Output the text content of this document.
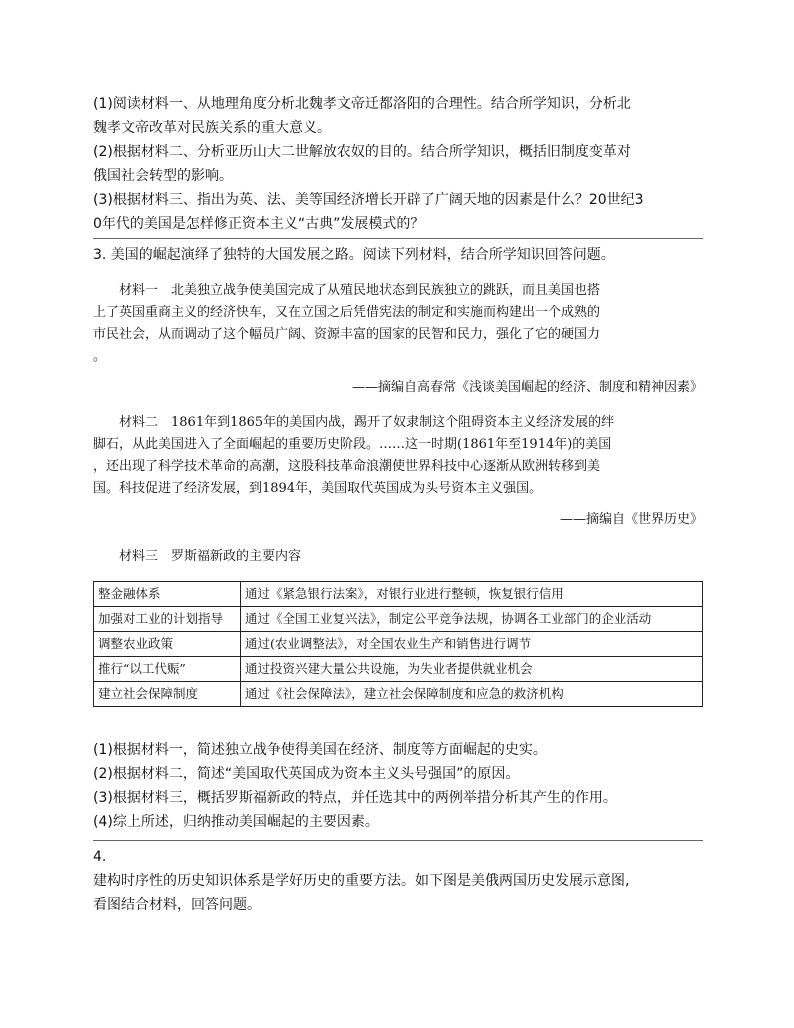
(1)阅读材料一、从地理角度分析北魏孝文帝迁都洛阳的合理性。结合所学知识，分析北
魏孝文帝改革对民族关系的重大意义。
(2)根据材料二、分析亚历山大二世解放农奴的目的。结合所学知识，概括旧制度变革对
俄国社会转型的影响。
(3)根据材料三、指出为英、法、美等国经济增长开辟了广阔天地的因素是什么？20世纪3
0年代的美国是怎样修正资本主义“古典”发展模式的？
3. 美国的崛起演绎了独特的大国发展之路。阅读下列材料，结合所学知识回答问题。
材料一　北美独立战争使美国完成了从殖民地状态到民族独立的跳跃，而且美国也搭
上了英国重商主义的经济快车，又在立国之后凭借宪法的制定和实施而构建出一个成熟的
市民社会，从而调动了这个幅员广阔、资源丰富的国家的民智和民力，强化了它的硬国力
。
——摘编自高春常《浅谈美国崛起的经济、制度和精神因素》
材料二　1861年到1865年的美国内战，踢开了奴隶制这个阻碍资本主义经济发展的绊
脚石，从此美国进入了全面崛起的重要历史阶段。……这一时期(1861年至1914年)的美国
，还出现了科学技术革命的高潮，这股科技革命浪潮使世界科技中心逐渐从欧洲转移到美
国。科技促进了经济发展，到1894年，美国取代英国成为头号资本主义强国。
——摘编自《世界历史》
材料三　罗斯福新政的主要内容
整金融体系	通过《紧急银行法案》，对银行业进行整顿，恢复银行信用
加强对工业的计划指导	通过《全国工业复兴法》，制定公平竞争法规，协调各工业部门的企业活动
调整农业政策	通过(农业调整法》，对全国农业生产和销售进行调节
推行“以工代赈”	通过投资兴建大量公共设施，为失业者提供就业机会
建立社会保障制度	通过《社会保障法》，建立社会保障制度和应急的救济机构
(1)根据材料一，简述独立战争使得美国在经济、制度等方面崛起的史实。
(2)根据材料二，简述“美国取代英国成为资本主义头号强国”的原因。
(3)根据材料三，概括罗斯福新政的特点，并任选其中的两例举措分析其产生的作用。
(4)综上所述，归纳推动美国崛起的主要因素。
4.
建构时序性的历史知识体系是学好历史的重要方法。如下图是美俄两国历史发展示意图,
看图结合材料，回答问题。
